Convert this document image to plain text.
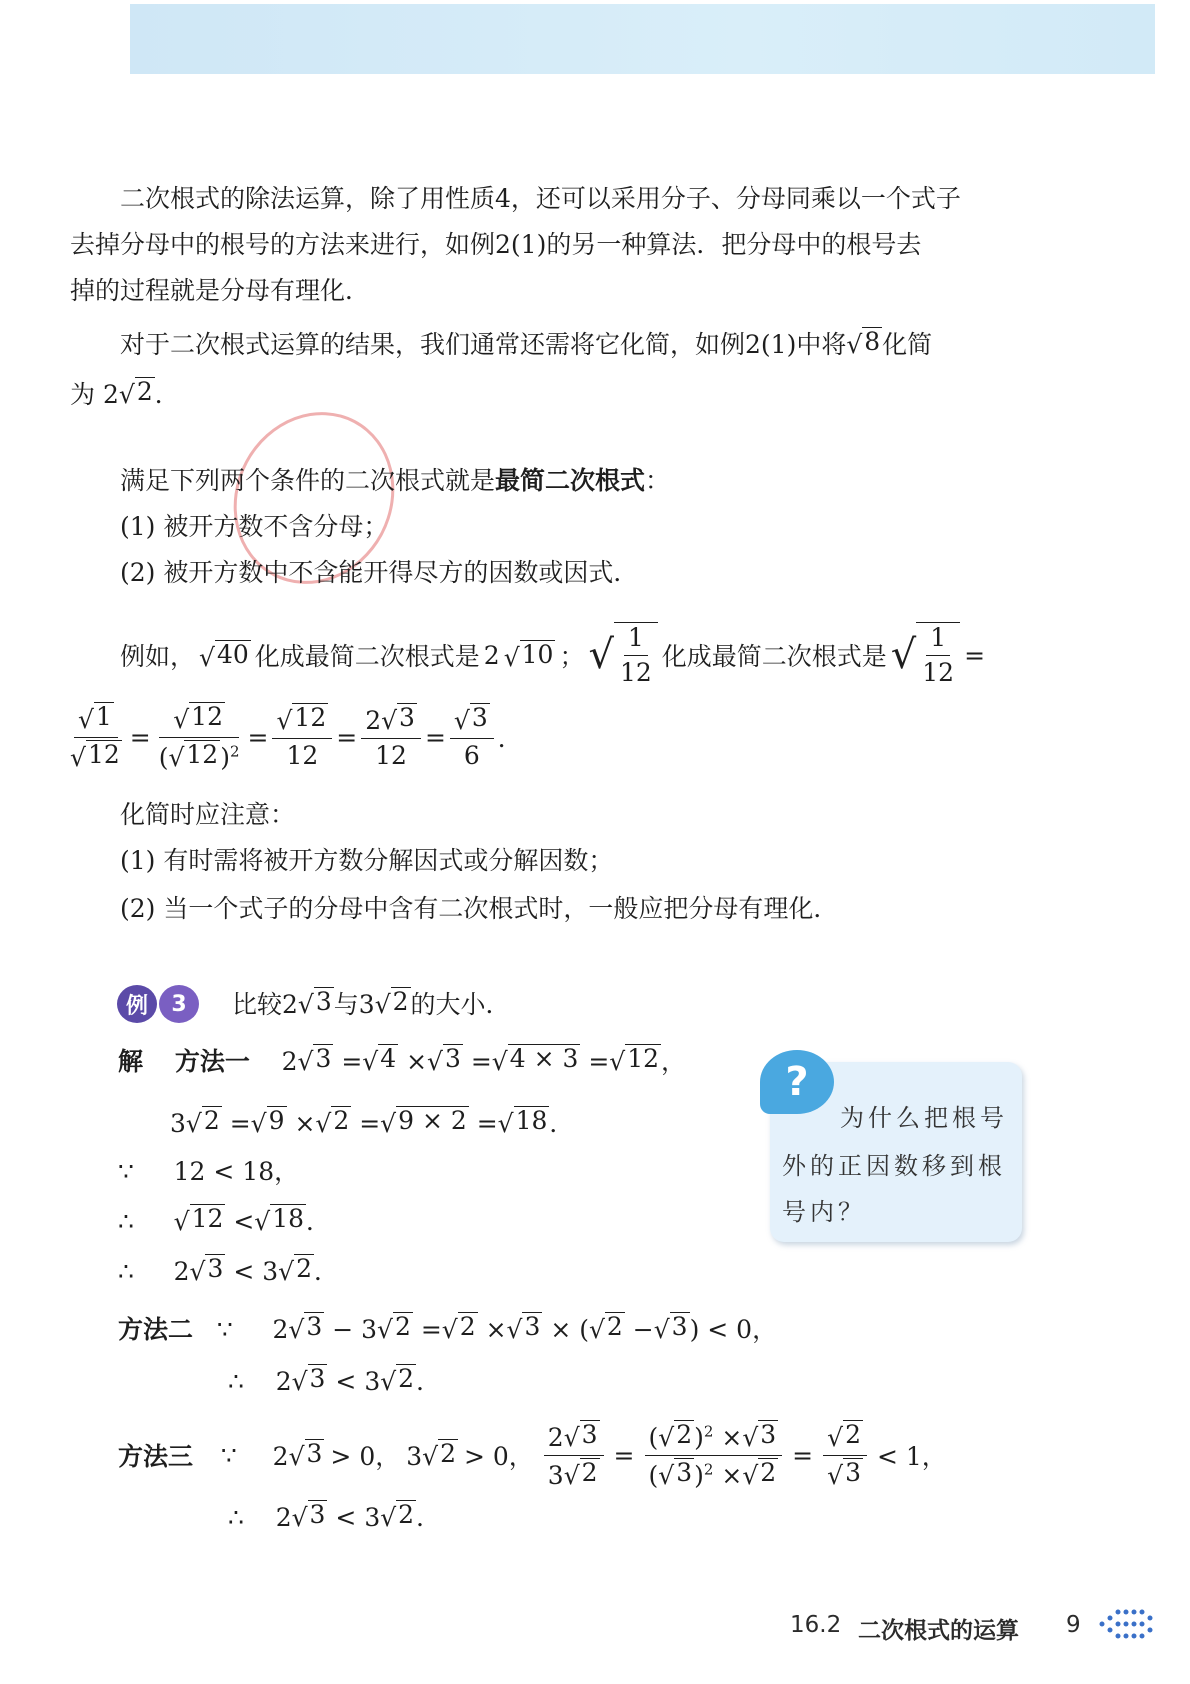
二次根式的除法运算，除了用性质4，还可以采用分子、分母同乘以一个式子
去掉分母中的根号的方法来进行，如例2(1)的另一种算法．把分母中的根号去
掉的过程就是分母有理化．
对于二次根式运算的结果，我们通常还需将它化简，如例2(1)中将 √ 8 化简
为 2 √ 2 ．
满足下列两个条件的二次根式就是最简二次根式：
(1) 被开方数不含分母；
(2) 被开方数中不含能开得尽方的因数或因式．
例如， √ 40 化成最简二次根式是 2 √ 10 ； √ $\frac{1}{12}$ 化成最简二次根式是 √ $\frac{1}{12}$ =
$\frac{√ 1}{√ 12} = \frac{√ 12}{( √ 12 )^2} = \frac{√ 12}{12} = \frac{2 √ 3}{12} = \frac{√ 3}{6}$ ．
化简时应注意：
(1) 有时需将被开方数分解因式或分解因数；
(2) 当一个式子的分母中含有二次根式时，一般应把分母有理化．
例	3	比较2 √ 3 与3 √ 2 的大小．
解 方法一 2 √ 3 = √ 4 × √ 3 = √ 4 × 3 = √ 12 ，
3 √ 2 = √ 9 × √ 2 = √ 9 × 2 = √ 18 ．
∵ 12 < 18，
∴ √ 12 < √ 18 ．
∴ 2 √ 3 < 3 √ 2 ．
方法二 ∵ 2 √ 3 − 3 √ 2 = √ 2 × √ 3 × ( √ 2 − √ 3 ) < 0，
∴ 2 √ 3 < 3 √ 2 ．
方法三
∵
2 √ 3 > 0， 3 √ 2 > 0， $\frac{2 √ 3}{3 √ 2} = \frac{( √ 2 )^2 \times √ 3}{( √ 3 )^2 \times √ 2} = \frac{√ 2}{√ 3} < 1$，
∴ 2 √ 3 < 3 √ 2 ．
为什么把根号
外的正因数移到根
号内？
?
16.2 二次根式的运算 9
